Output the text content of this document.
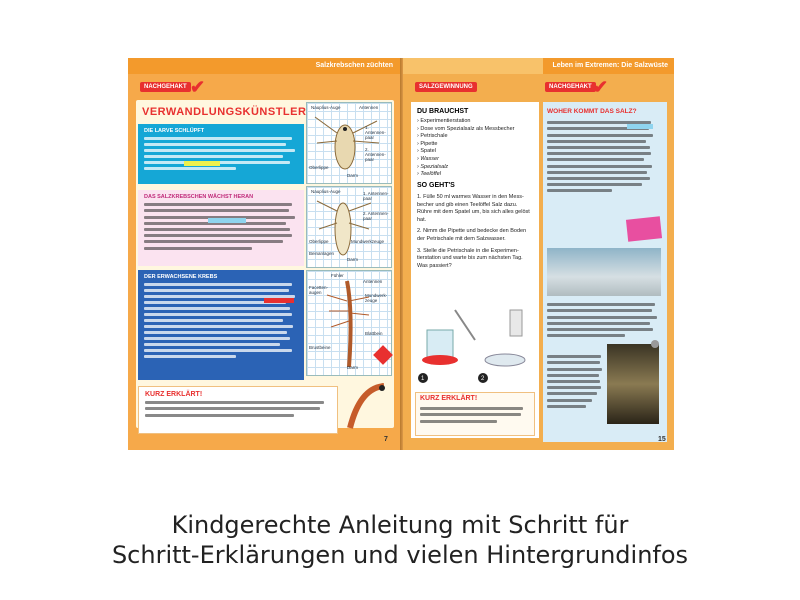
Salzkrebschen züchten
NACHGEHAKT ✔
VERWANDLUNGSKÜNSTLER
DIE LARVE SCHLÜPFT
DAS SALZKREBSCHEN WÄCHST HERAN
DER ERWACHSENE KREBS
Nauplius-Auge	Antennen
1. Antennen-paar
2. Antennen-paar
Oberlippe
Darm
Nauplius-Auge	1. Antennen-paar
2. Antennen-paar
Oberlippe	Mundwerkzeuge
Beinanlagen
Darm
Fühler
Facetten-augen
Antennen
Mundwerk-zeuge
Blattbein
Brustbeine
Darm
KURZ ERKLÄRT!
7
Leben im Extremen: Die Salzwüste
SALZGEWINNUNG	NACHGEHAKT ✔
DU BRAUCHST
› Experimentierstation
› Dose vom Spezialsalz als Messbecher
› Petrischale
› Pipette
› Spatel
› Wasser
› Spezialsalz
› Teelöffel
SO GEHT'S
1. Fülle 50 ml warmes Wasser in den Mess-becher und gib einen Teelöffel Salz dazu. Rühre mit dem Spatel um, bis sich alles gelöst hat.
2. Nimm die Pipette und bedecke den Boden der Petrischale mit dem Salzwasser.
3. Stelle die Petrischale in die Experimen-tierstation und warte bis zum nächsten Tag. Was passiert?
1	2
KURZ ERKLÄRT!
WOHER KOMMT DAS SALZ?
15
Kindgerechte Anleitung mit Schritt für
Schritt-Erklärungen und vielen Hintergrundinfos
